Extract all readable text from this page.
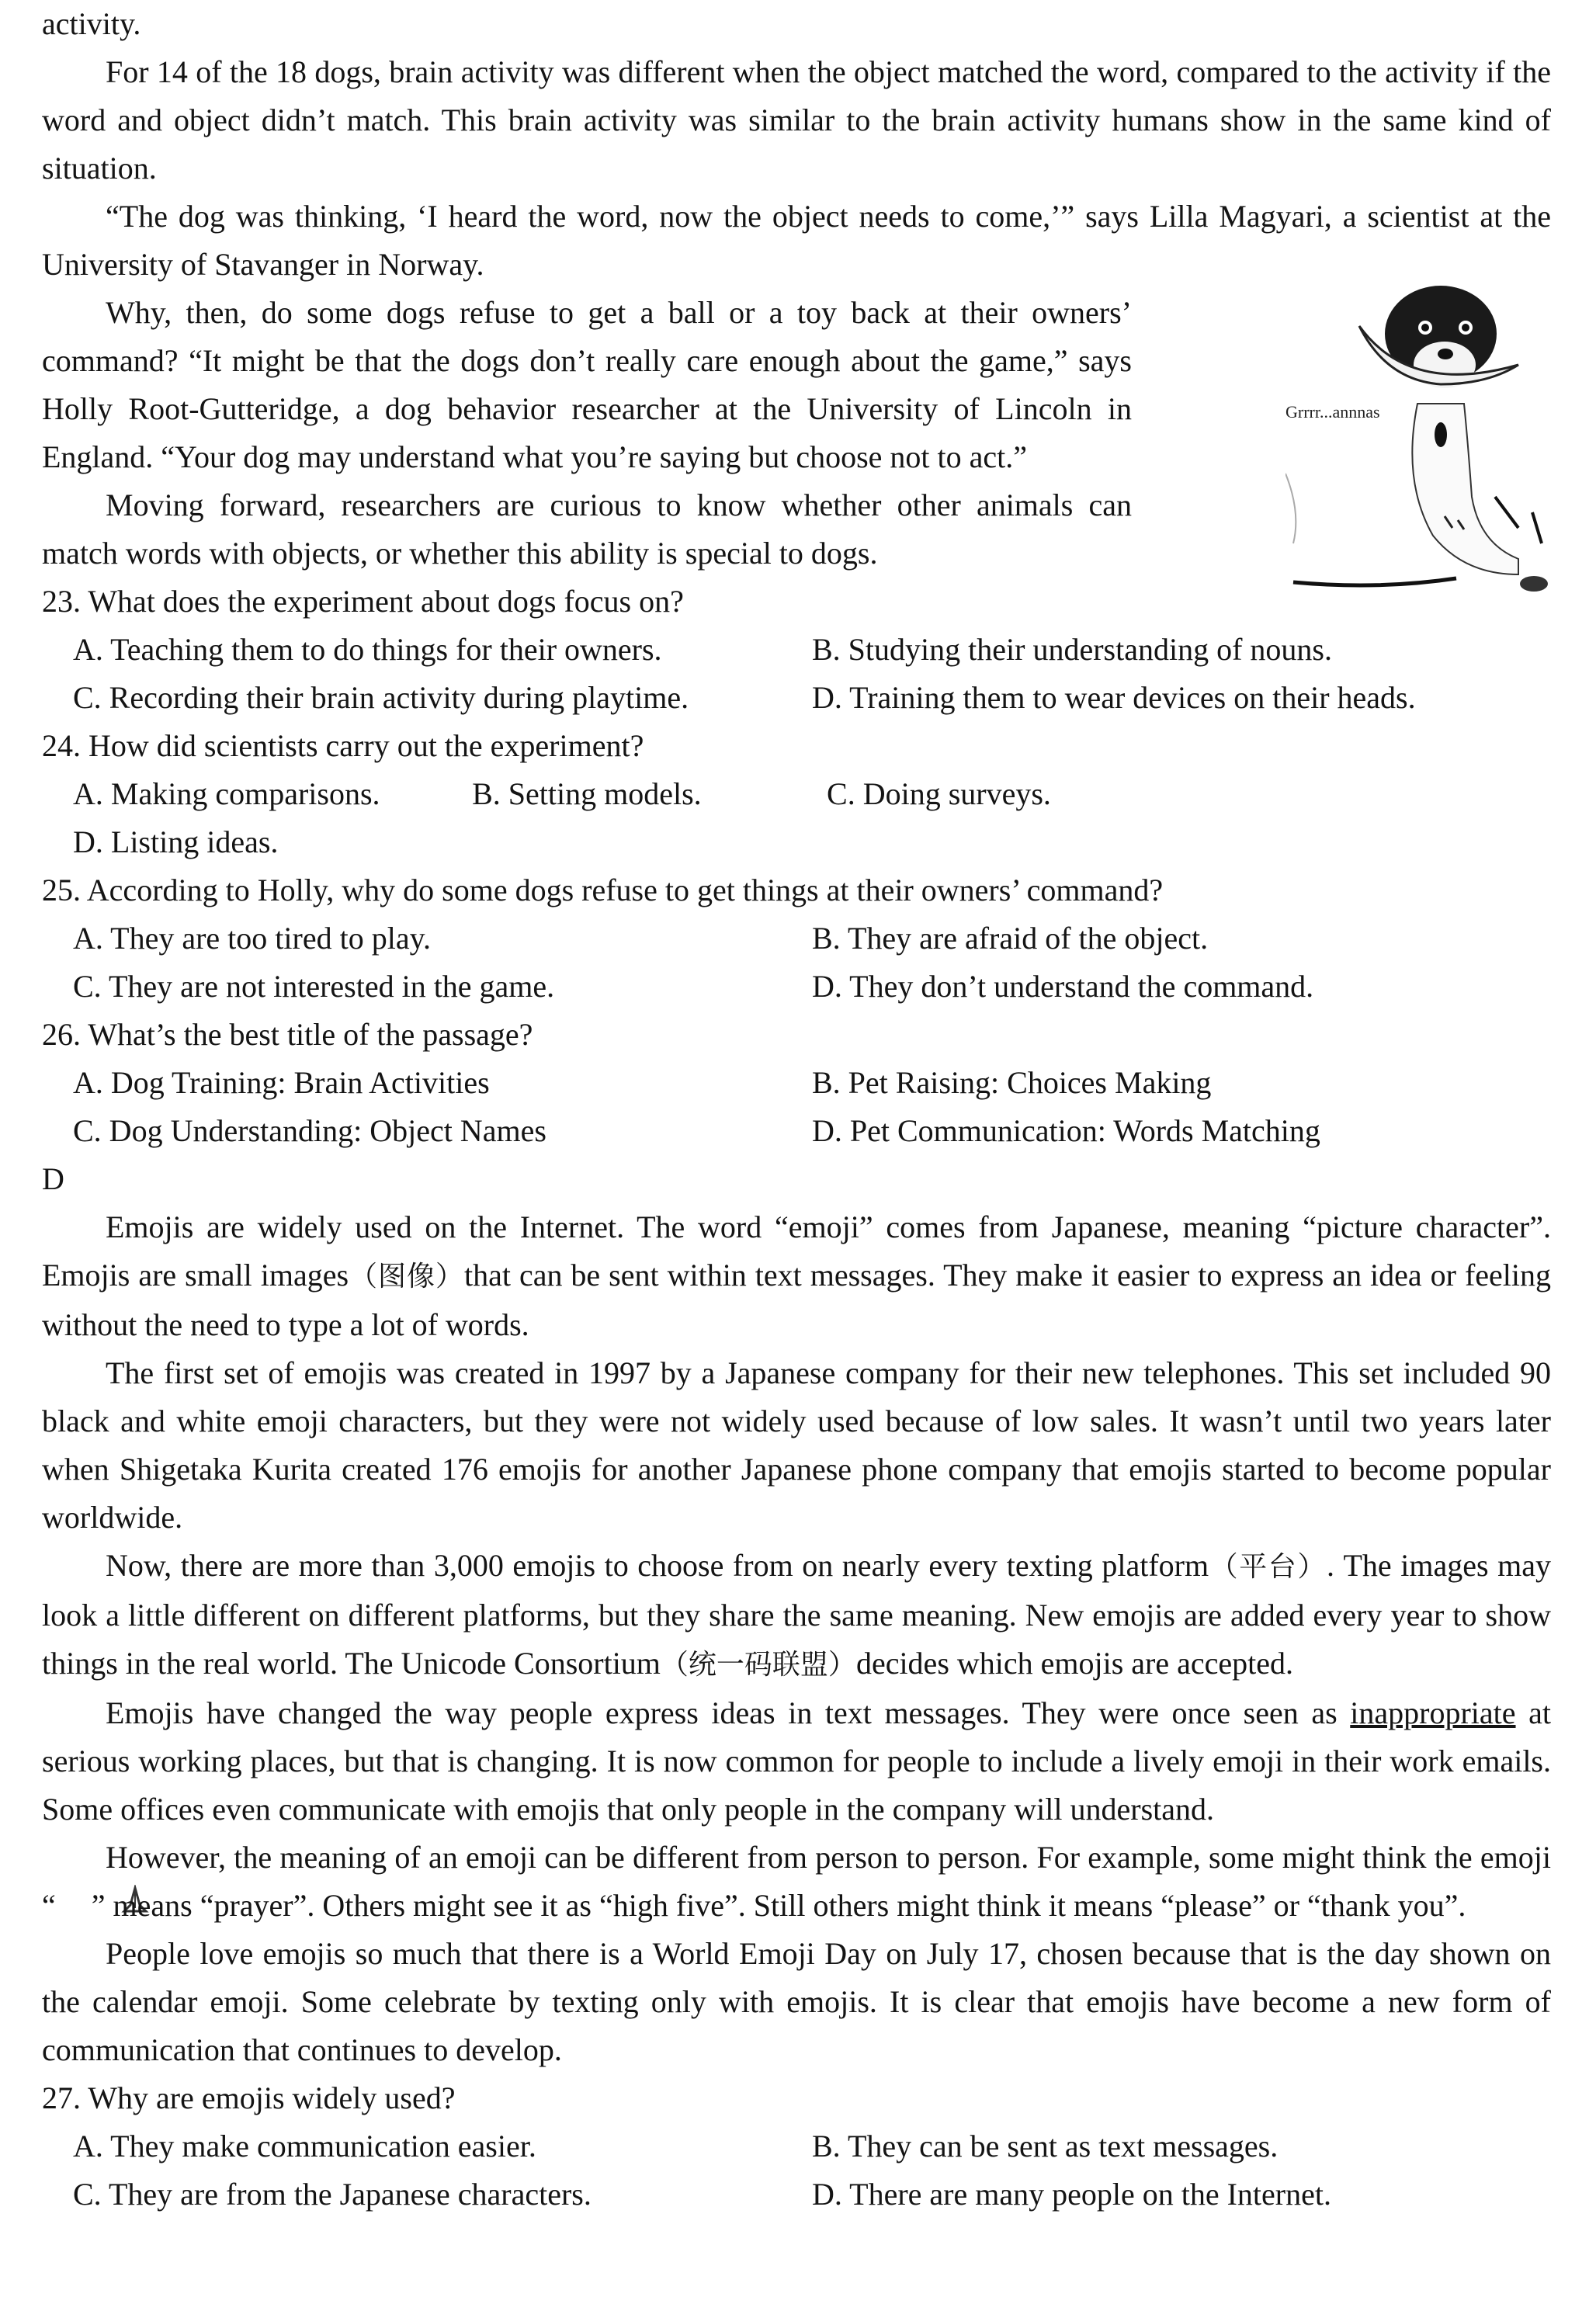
Grrrr...annnas

activity.

For 14 of the 18 dogs, brain activity was different when the object matched the word, compared to the activity if the word and object didn’t match. This brain activity was similar to the brain activity humans show in the same kind of situation.

“The dog was thinking, ‘I heard the word, now the object needs to come,’” says Lilla Magyari, a scientist at the University of Stavanger in Norway.

Why, then, do some dogs refuse to get a ball or a toy back at their owners’ command? “It might be that the dogs don’t really care enough about the game,” says Holly Root-Gutteridge, a dog behavior researcher at the University of Lincoln in England. “Your dog may understand what you’re saying but choose not to act.”

Moving forward, researchers are curious to know whether other animals can match words with objects, or whether this ability is special to dogs.

23. What does the experiment about dogs focus on?

A. Teaching them to do things for their owners.	B. Studying their understanding of nouns.
C. Recording their brain activity during playtime.	D. Training them to wear devices on their heads.

24. How did scientists carry out the experiment?

A. Making comparisons.	B. Setting models.	C. Doing surveys.
D. Listing ideas.

25. According to Holly, why do some dogs refuse to get things at their owners’ command?

A. They are too tired to play.	B. They are afraid of the object.
C. They are not interested in the game.	D. They don’t understand the command.

26. What’s the best title of the passage?

A. Dog Training: Brain Activities	B. Pet Raising: Choices Making
C. Dog Understanding: Object Names	D. Pet Communication: Words Matching

D

Emojis are widely used on the Internet. The word “emoji” comes from Japanese, meaning “picture character”. Emojis are small images（图像）that can be sent within text messages. They make it easier to express an idea or feeling without the need to type a lot of words.

The first set of emojis was created in 1997 by a Japanese company for their new telephones. This set included 90 black and white emoji characters, but they were not widely used because of low sales. It wasn’t until two years later when Shigetaka Kurita created 176 emojis for another Japanese phone company that emojis started to become popular worldwide.

Now, there are more than 3,000 emojis to choose from on nearly every texting platform（平台）. The images may look a little different on different platforms, but they share the same meaning. New emojis are added every year to show things in the real world. The Unicode Consortium（统一码联盟）decides which emojis are accepted.

Emojis have changed the way people express ideas in text messages. They were once seen as inappropriate at serious working places, but that is changing. It is now common for people to include a lively emoji in their work emails. Some offices even communicate with emojis that only people in the company will understand.

However, the meaning of an emoji can be different from person to person. For example, some might think the emoji “ ” means “prayer”. Others might see it as “high five”. Still others might think it means “please” or “thank you”.

People love emojis so much that there is a World Emoji Day on July 17, chosen because that is the day shown on the calendar emoji. Some celebrate by texting only with emojis. It is clear that emojis have become a new form of communication that continues to develop.

27. Why are emojis widely used?

A. They make communication easier.	B. They can be sent as text messages.
C. They are from the Japanese characters.	D. There are many people on the Internet.
